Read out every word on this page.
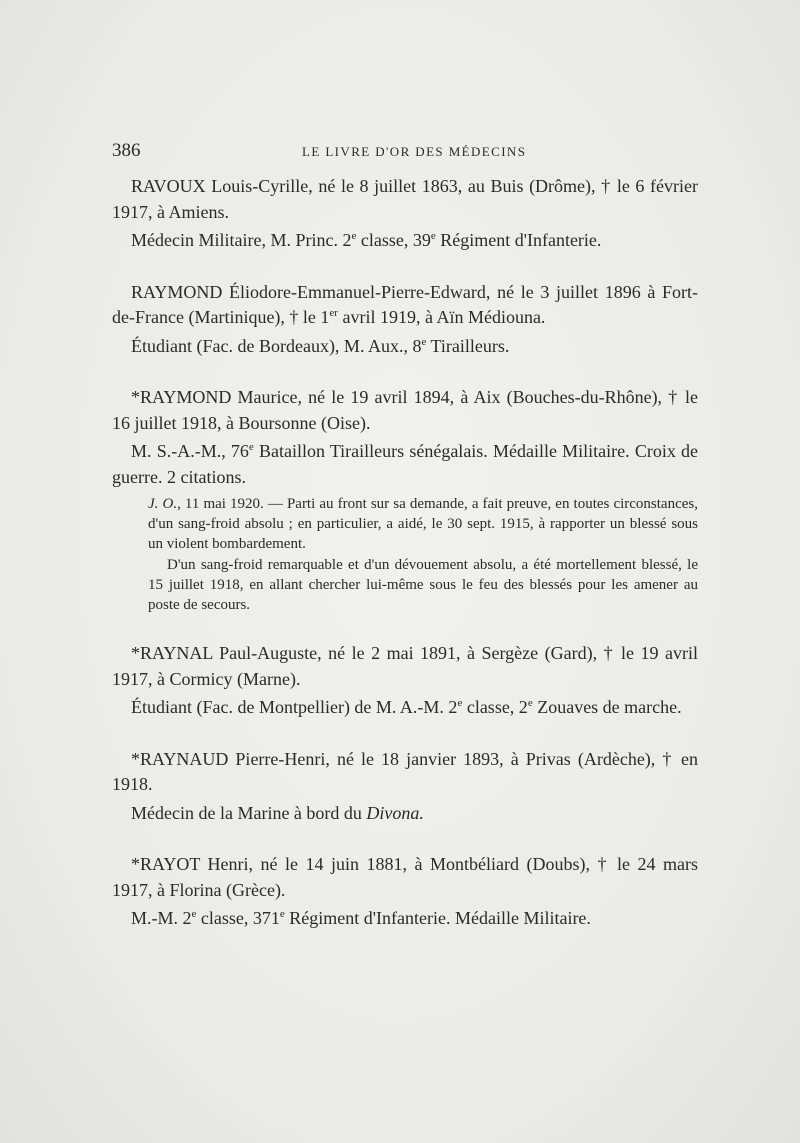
386	LE LIVRE D'OR DES MÉDECINS

RAVOUX Louis-Cyrille, né le 8 juillet 1863, au Buis (Drôme), † le 6 février 1917, à Amiens.

Médecin Militaire, M. Princ. 2e classe, 39e Régiment d'Infanterie.

RAYMOND Éliodore-Emmanuel-Pierre-Edward, né le 3 juillet 1896 à Fort-de-France (Martinique), † le 1er avril 1919, à Aïn Médiouna.

Étudiant (Fac. de Bordeaux), M. Aux., 8e Tirailleurs.

*RAYMOND Maurice, né le 19 avril 1894, à Aix (Bouches-du-Rhône), † le 16 juillet 1918, à Boursonne (Oise).

M. S.-A.-M., 76e Bataillon Tirailleurs sénégalais. Médaille Militaire. Croix de guerre. 2 citations.

J. O., 11 mai 1920. — Parti au front sur sa demande, a fait preuve, en toutes circonstances, d'un sang-froid absolu ; en particulier, a aidé, le 30 sept. 1915, à rapporter un blessé sous un violent bombardement.

D'un sang-froid remarquable et d'un dévouement absolu, a été mortellement blessé, le 15 juillet 1918, en allant chercher lui-même sous le feu des blessés pour les amener au poste de secours.

*RAYNAL Paul-Auguste, né le 2 mai 1891, à Sergèze (Gard), † le 19 avril 1917, à Cormicy (Marne).

Étudiant (Fac. de Montpellier) de M. A.-M. 2e classe, 2e Zouaves de marche.

*RAYNAUD Pierre-Henri, né le 18 janvier 1893, à Privas (Ardèche), † en 1918.

Médecin de la Marine à bord du Divona.

*RAYOT Henri, né le 14 juin 1881, à Montbéliard (Doubs), † le 24 mars 1917, à Florina (Grèce).

M.-M. 2e classe, 371e Régiment d'Infanterie. Médaille Militaire.
